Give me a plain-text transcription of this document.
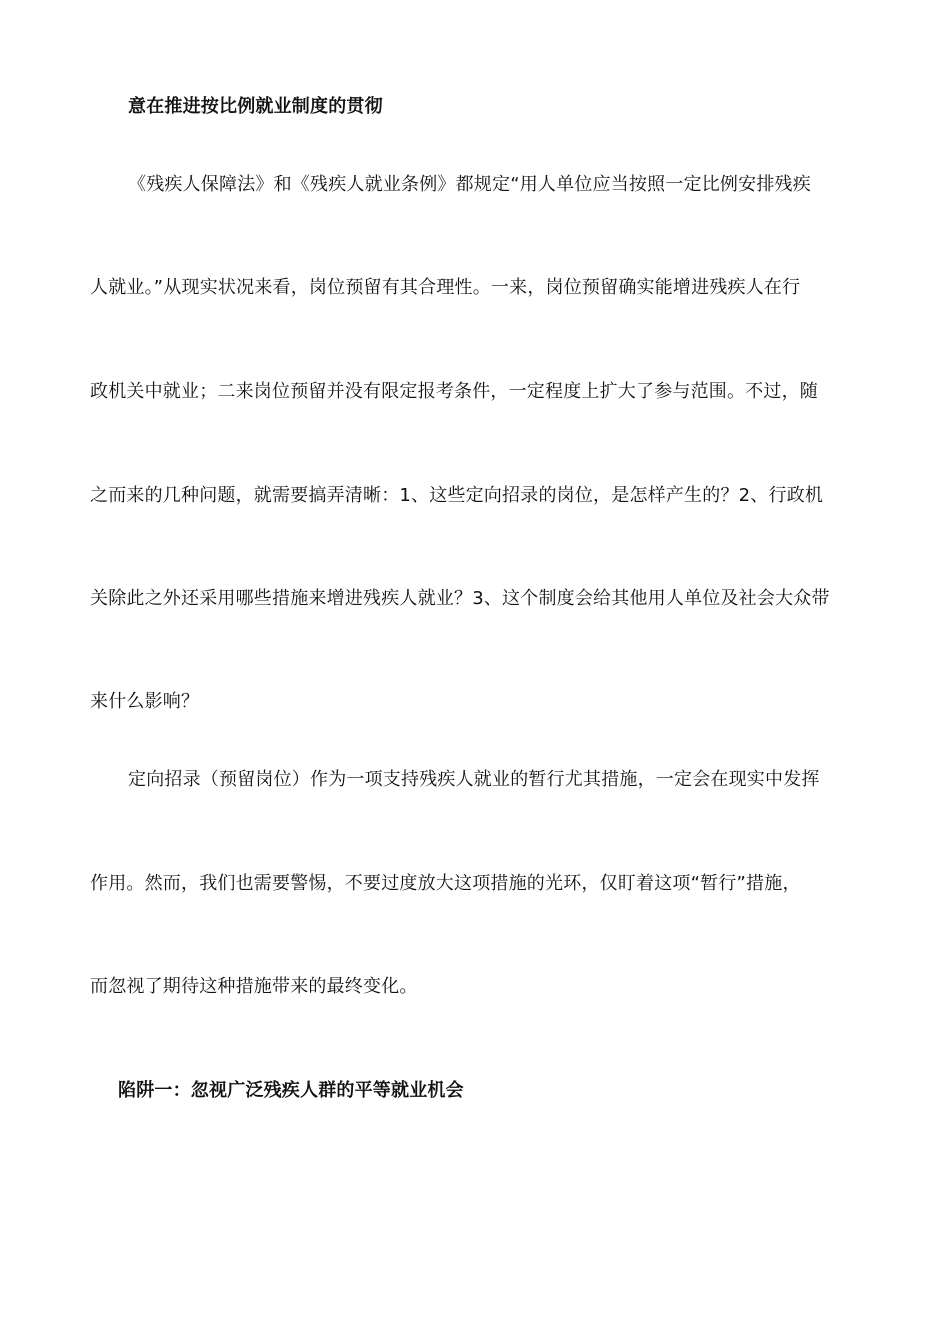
意在推进按比例就业制度的贯彻
《残疾人保障法》和《残疾人就业条例》都规定“用人单位应当按照一定比例安排残疾
人就业。”从现实状况来看，岗位预留有其合理性。一来，岗位预留确实能增进残疾人在行
政机关中就业；二来岗位预留并没有限定报考条件，一定程度上扩大了参与范围。不过，随
之而来的几种问题，就需要搞弄清晰：1、这些定向招录的岗位，是怎样产生的？2、行政机
关除此之外还采用哪些措施来增进残疾人就业？3、这个制度会给其他用人单位及社会大众带
来什么影响？
定向招录（预留岗位）作为一项支持残疾人就业的暂行尤其措施，一定会在现实中发挥
作用。然而，我们也需要警惕，不要过度放大这项措施的光环，仅盯着这项“暂行”措施，
而忽视了期待这种措施带来的最终变化。
陷阱一：忽视广泛残疾人群的平等就业机会
